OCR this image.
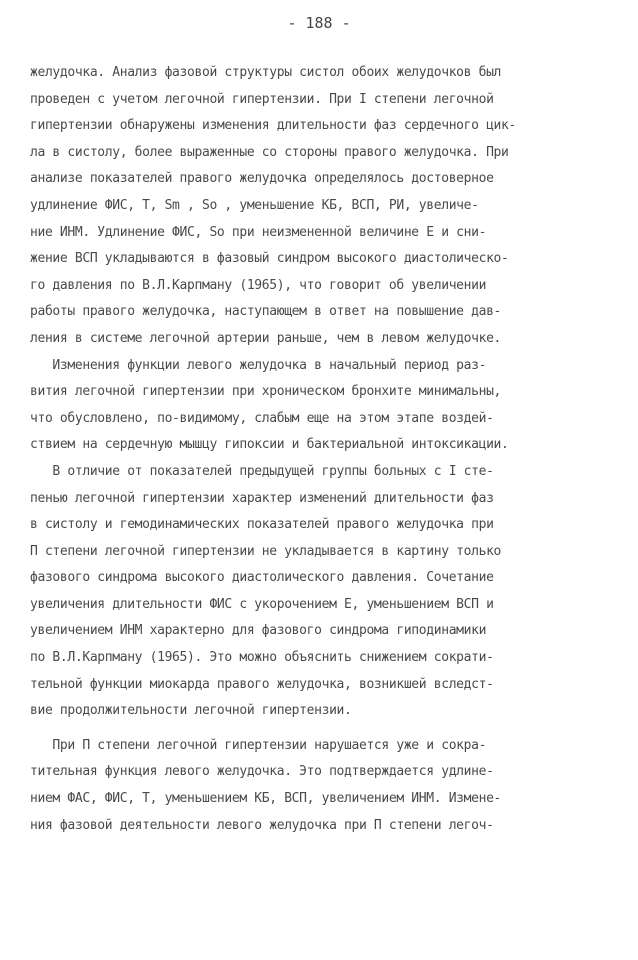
- 188 -
желудочка. Анализ фазовой структуры систол обоих желудочков был
проведен с учетом легочной гипертензии. При I степени легочной
гипертензии обнаружены изменения длительности фаз сердечного цик-
ла в систолу, более выраженные со стороны правого желудочка. При
анализе показателей правого желудочка определялось достоверное
удлинение ФИС, T, Sm , So , уменьшение КБ, ВСП, РИ, увеличе-
ние ИНМ. Удлинение ФИС, So при неизмененной величине E и сни-
жение ВСП укладываются в фазовый синдром высокого диастолическо-
го давления по В.Л.Карпману (1965), что говорит об увеличении
работы правого желудочка, наступающем в ответ на повышение дав-
ления в системе легочной артерии раньше, чем в левом желудочке.
Изменения функции левого желудочка в начальный период раз-
вития легочной гипертензии при хроническом бронхите минимальны,
что обусловлено, по-видимому, слабым еще на этом этапе воздей-
ствием на сердечную мышцу гипоксии и бактериальной интоксикации.
В отличие от показателей предыдущей группы больных с I сте-
пенью легочной гипертензии характер изменений длительности фаз
в систолу и гемодинамических показателей правого желудочка при
П степени легочной гипертензии не укладывается в картину только
фазового синдрома высокого диастолического давления. Сочетание
увеличения длительности ФИС с укорочением E, уменьшением ВСП и
увеличением ИНМ характерно для фазового синдрома гиподинамики
по В.Л.Карпману (1965). Это можно объяснить снижением сократи-
тельной функции миокарда правого желудочка, возникшей вследст-
вие продолжительности легочной гипертензии.
При П степени легочной гипертензии нарушается уже и сокра-
тительная функция левого желудочка. Это подтверждается удлине-
нием ФАС, ФИС, T, уменьшением КБ, ВСП, увеличением ИНМ. Измене-
ния фазовой деятельности левого желудочка при П степени легоч-
